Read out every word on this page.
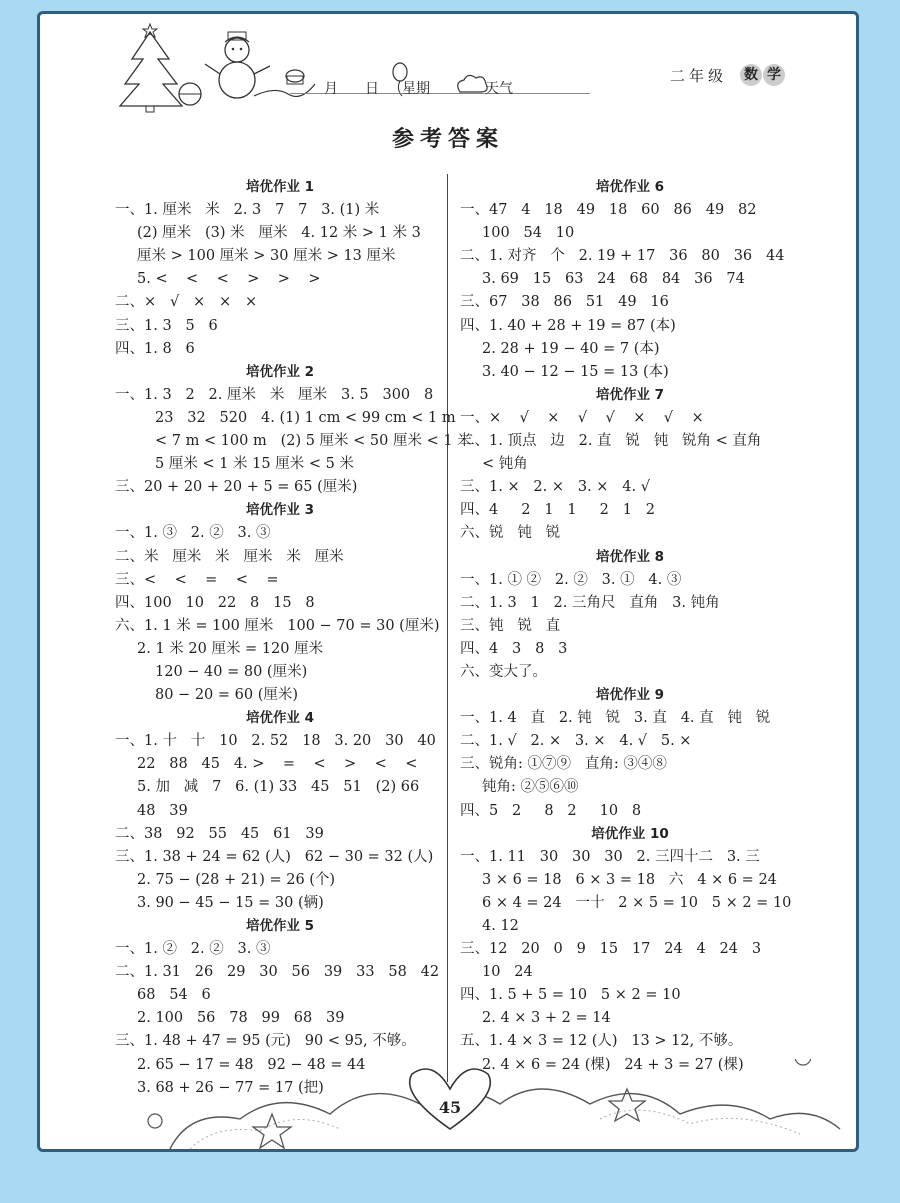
月 日 星期	天气
二年级 数 学
参考答案
培优作业 1
一、1. 厘米   米   2. 3   7   7   3. (1) 米
(2) 厘米   (3) 米   厘米   4. 12 米 > 1 米 3
厘米 > 100 厘米 > 30 厘米 > 13 厘米
5. <    <    <    >    >    >
二、×   √   ×   ×   ×
三、1. 3   5   6
四、1. 8   6
培优作业 2
一、1. 3   2   2. 厘米   米   厘米   3. 5   300   8
23   32   520   4. (1) 1 cm < 99 cm < 1 m
< 7 m < 100 m   (2) 5 厘米 < 50 厘米 < 1 米
5 厘米 < 1 米 15 厘米 < 5 米
三、20 + 20 + 20 + 5 = 65 (厘米)
培优作业 3
一、1. ③   2. ②   3. ③
二、米   厘米   米   厘米   米   厘米
三、<    <    =    <    =
四、100   10   22   8   15   8
六、1. 1 米 = 100 厘米   100 − 70 = 30 (厘米)
2. 1 米 20 厘米 = 120 厘米
120 − 40 = 80 (厘米)
80 − 20 = 60 (厘米)
培优作业 4
一、1. 十   十   10   2. 52   18   3. 20   30   40
22   88   45   4. >    =    <    >    <    <
5. 加   减   7   6. (1) 33   45   51   (2) 66
48   39
二、38   92   55   45   61   39
三、1. 38 + 24 = 62 (人)   62 − 30 = 32 (人)
2. 75 − (28 + 21) = 26 (个)
3. 90 − 45 − 15 = 30 (辆)
培优作业 5
一、1. ②   2. ②   3. ③
二、1. 31   26   29   30   56   39   33   58   42
68   54   6
2. 100   56   78   99   68   39
三、1. 48 + 47 = 95 (元)   90 < 95, 不够。
2. 65 − 17 = 48   92 − 48 = 44
3. 68 + 26 − 77 = 17 (把)
培优作业 6
一、47   4   18   49   18   60   86   49   82
100   54   10
二、1. 对齐   个   2. 19 + 17   36   80   36   44
3. 69   15   63   24   68   84   36   74
三、67   38   86   51   49   16
四、1. 40 + 28 + 19 = 87 (本)
2. 28 + 19 − 40 = 7 (本)
3. 40 − 12 − 15 = 13 (本)
培优作业 7
一、×    √    ×    √    √    ×    √    ×
二、1. 顶点   边   2. 直   锐   钝   锐角 < 直角
< 钝角
三、1. ×   2. ×   3. ×   4. √
四、4     2   1   1     2   1   2
六、锐   钝   锐
培优作业 8
一、1. ① ②   2. ②   3. ①   4. ③
二、1. 3   1   2. 三角尺   直角   3. 钝角
三、钝   锐   直
四、4   3   8   3
六、变大了。
培优作业 9
一、1. 4   直   2. 钝   锐   3. 直   4. 直   钝   锐
二、1. √   2. ×   3. ×   4. √   5. ×
三、锐角: ①⑦⑨   直角: ③④⑧
钝角: ②⑤⑥⑩
四、5   2     8   2     10   8
培优作业 10
一、1. 11   30   30   30   2. 三四十二   3. 三
3 × 6 = 18   6 × 3 = 18   六   4 × 6 = 24
6 × 4 = 24   一十   2 × 5 = 10   5 × 2 = 10
4. 12
三、12   20   0   9   15   17   24   4   24   3
10   24
四、1. 5 + 5 = 10   5 × 2 = 10
2. 4 × 3 + 2 = 14
五、1. 4 × 3 = 12 (人)   13 > 12, 不够。
2. 4 × 6 = 24 (棵)   24 + 3 = 27 (棵)
45
